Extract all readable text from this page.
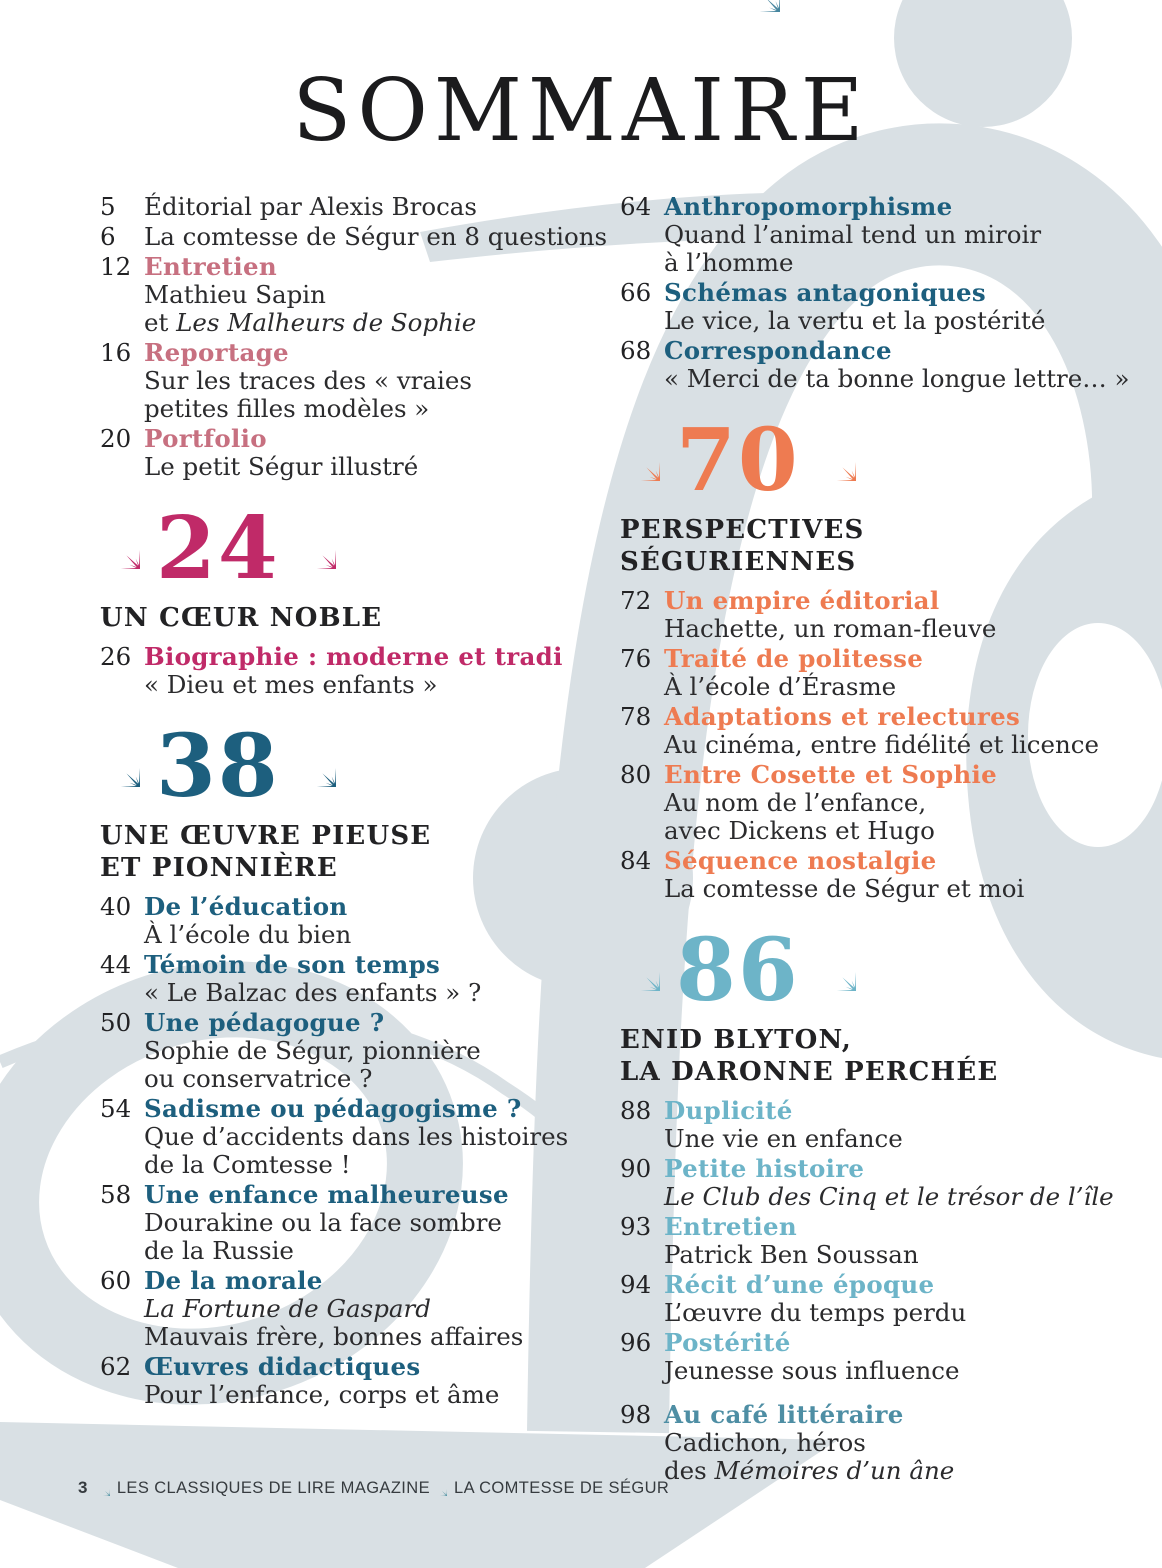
SOMMAIRE
5	Éditorial par Alexis Brocas
6	La comtesse de Ségur en 8 questions
12 Entretien
Mathieu Sapin
et Les Malheurs de Sophie
16 Reportage
Sur les traces des « vraies
petites filles modèles »
20 Portfolio
Le petit Ségur illustré
24
UN CŒUR NOBLE
26 Biographie : moderne et tradi
« Dieu et mes enfants »
38
UNE ŒUVRE PIEUSE
ET PIONNIÈRE
40 De l’éducation
À l’école du bien
44 Témoin de son temps
« Le Balzac des enfants » ?
50 Une pédagogue ?
Sophie de Ségur, pionnière
ou conservatrice ?
54 Sadisme ou pédagogisme ?
Que d’accidents dans les histoires
de la Comtesse !
58 Une enfance malheureuse
Dourakine ou la face sombre
de la Russie
60 De la morale
La Fortune de Gaspard
Mauvais frère, bonnes affaires
62 Œuvres didactiques
Pour l’enfance, corps et âme
64 Anthropomorphisme
Quand l’animal tend un miroir
à l’homme
66 Schémas antagoniques
Le vice, la vertu et la postérité
68 Correspondance
« Merci de ta bonne longue lettre… »
70
PERSPECTIVES
SÉGURIENNES
72 Un empire éditorial
Hachette, un roman-fleuve
76 Traité de politesse
À l’école d’Érasme
78 Adaptations et relectures
Au cinéma, entre fidélité et licence
80 Entre Cosette et Sophie
Au nom de l’enfance,
avec Dickens et Hugo
84 Séquence nostalgie
La comtesse de Ségur et moi
86
ENID BLYTON,
LA DARONNE PERCHÉE
88 Duplicité
Une vie en enfance
90 Petite histoire
Le Club des Cinq et le trésor de l’île
93 Entretien
Patrick Ben Soussan
94 Récit d’une époque
L’œuvre du temps perdu
96 Postérité
Jeunesse sous influence
98 Au café littéraire
Cadichon, héros
des Mémoires d’un âne
3 LES CLASSIQUES DE LIRE MAGAZINE LA COMTESSE DE SÉGUR
